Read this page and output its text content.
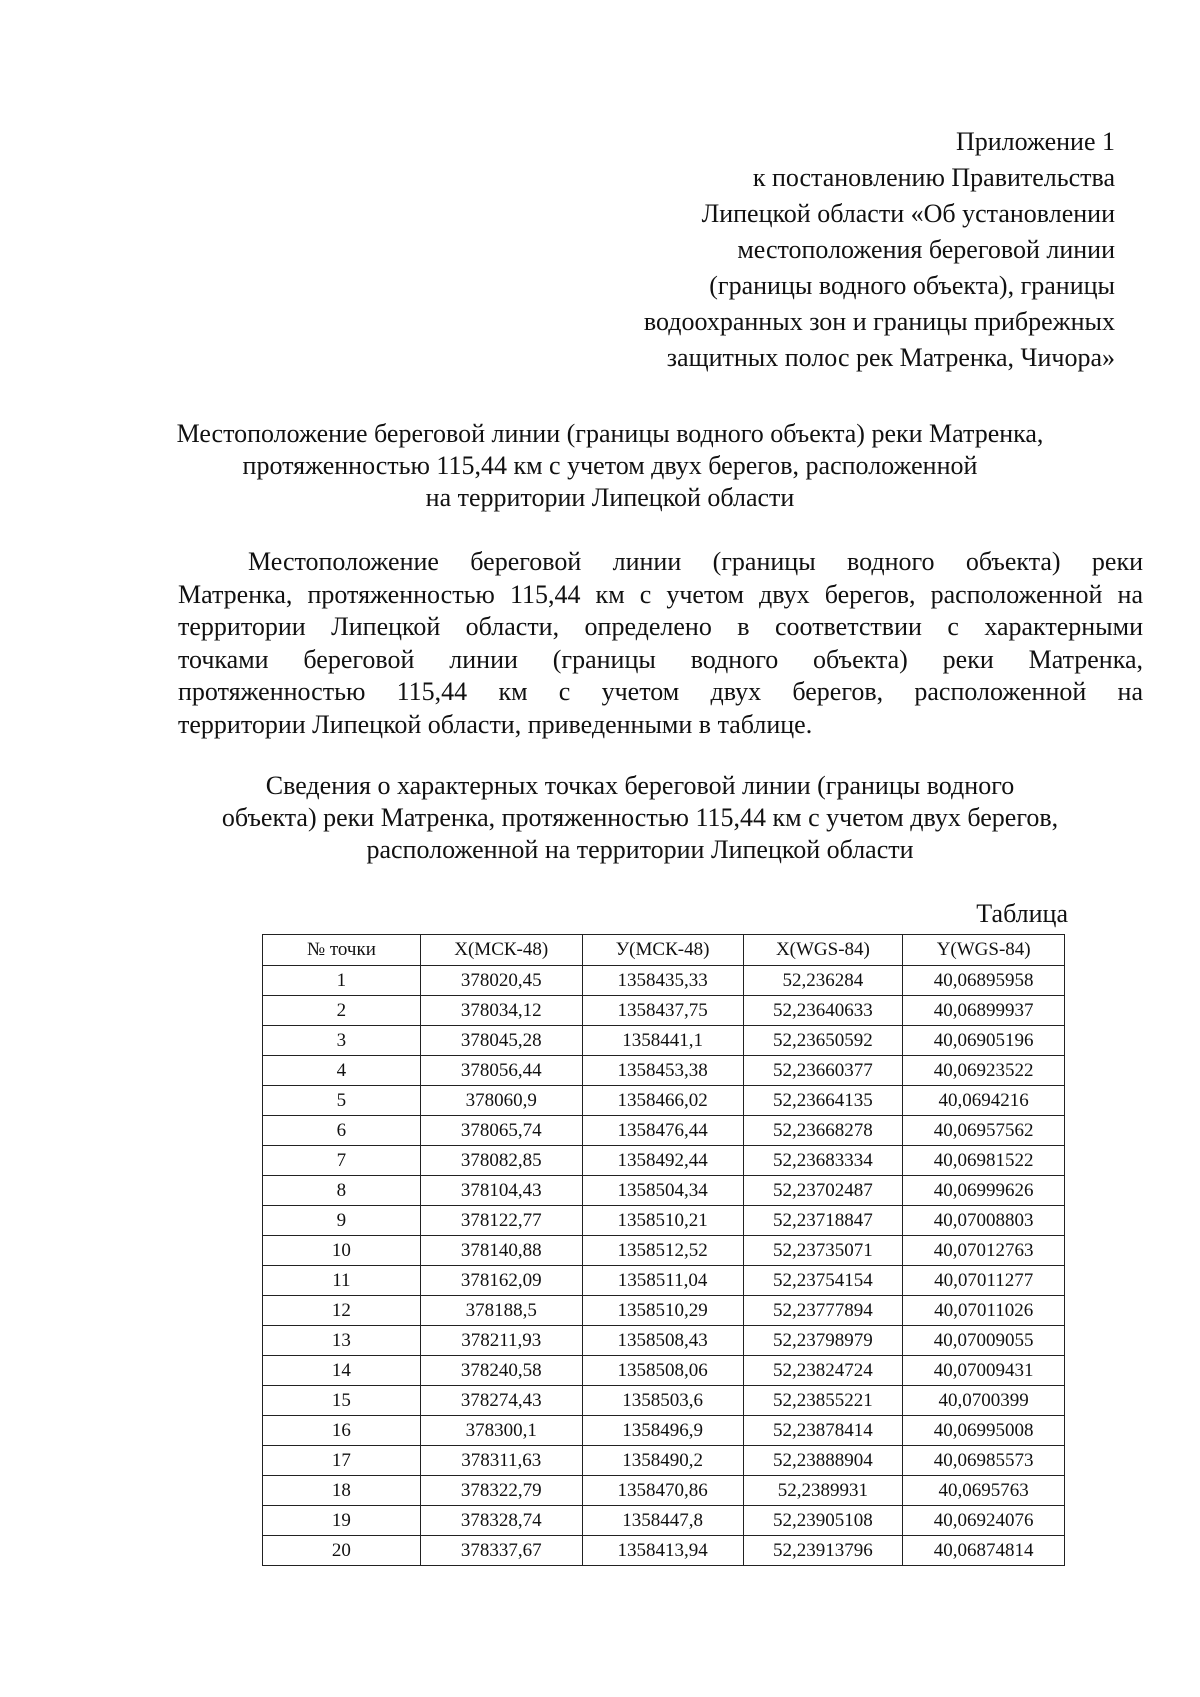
Приложение 1
к постановлению Правительства
Липецкой области «Об установлении
местоположения береговой линии
(границы водного объекта), границы
водоохранных зон и границы прибрежных
защитных полос рек Матренка, Чичора»
Местоположение береговой линии (границы водного объекта) реки Матренка,
протяженностью 115,44 км с учетом двух берегов, расположенной
на территории Липецкой области
Местоположение береговой линии (границы водного объекта) реки
Матренка, протяженностью 115,44 км с учетом двух берегов, расположенной на
территории Липецкой области, определено в соответствии с характерными
точками береговой линии (границы водного объекта) реки Матренка,
протяженностью 115,44 км с учетом двух берегов, расположенной на
территории Липецкой области, приведенными в таблице.
Сведения о характерных точках береговой линии (границы водного
объекта) реки Матренка, протяженностью 115,44 км с учетом двух берегов,
расположенной на территории Липецкой области
Таблица
№ точки	Х(МСК-48)	У(МСК-48)	Х(WGS-84)	Y(WGS-84)
1	378020,45	1358435,33	52,236284	40,06895958
2	378034,12	1358437,75	52,23640633	40,06899937
3	378045,28	1358441,1	52,23650592	40,06905196
4	378056,44	1358453,38	52,23660377	40,06923522
5	378060,9	1358466,02	52,23664135	40,0694216
6	378065,74	1358476,44	52,23668278	40,06957562
7	378082,85	1358492,44	52,23683334	40,06981522
8	378104,43	1358504,34	52,23702487	40,06999626
9	378122,77	1358510,21	52,23718847	40,07008803
10	378140,88	1358512,52	52,23735071	40,07012763
11	378162,09	1358511,04	52,23754154	40,07011277
12	378188,5	1358510,29	52,23777894	40,07011026
13	378211,93	1358508,43	52,23798979	40,07009055
14	378240,58	1358508,06	52,23824724	40,07009431
15	378274,43	1358503,6	52,23855221	40,0700399
16	378300,1	1358496,9	52,23878414	40,06995008
17	378311,63	1358490,2	52,23888904	40,06985573
18	378322,79	1358470,86	52,2389931	40,0695763
19	378328,74	1358447,8	52,23905108	40,06924076
20	378337,67	1358413,94	52,23913796	40,06874814
